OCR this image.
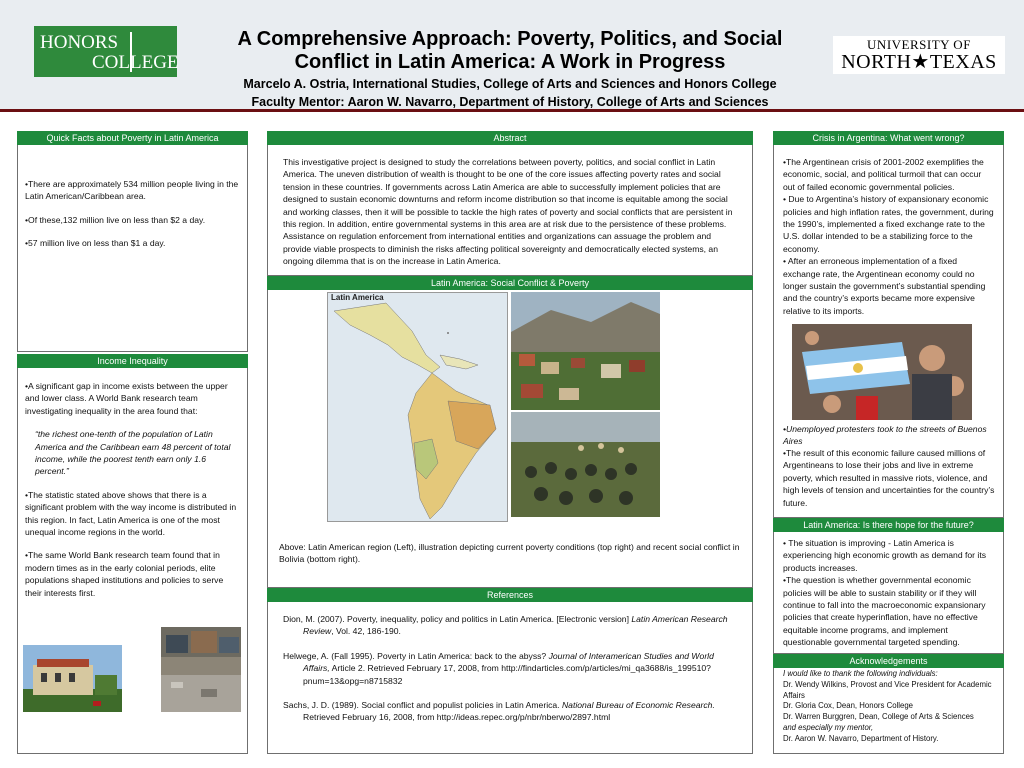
HONORS
COLLEGE
A Comprehensive Approach: Poverty, Politics, and Social
Conflict in Latin America: A Work in Progress
Marcelo A. Ostria, International Studies, College of Arts and Sciences and Honors College
Faculty Mentor: Aaron W. Navarro, Department of History, College of Arts and Sciences
UNIVERSITY OF
NORTH★TEXAS
Quick Facts about Poverty in Latin America

•There are approximately 534 million people living in the Latin American/Caribbean area.

•Of these,132 million live on less than $2 a day.

•57 million live on less than $1 a day.

Income Inequality

•A significant gap in income exists between the upper and lower class. A World Bank research team investigating inequality in the area found that:

“the richest one-tenth of the population of Latin America and the Caribbean earn 48 percent of total income, while the poorest tenth earn only 1.6 percent.”

•The statistic stated above shows that there is a significant problem with the way income is distributed in this region. In fact, Latin America is one of the most unequal income regions in the world.

•The same World Bank research team found that in modern times as in the early colonial periods, elite populations shaped institutions and policies to serve their interests first.

Abstract
This investigative project is designed to study the correlations between poverty, politics, and social conflict in Latin America. The uneven distribution of wealth is thought to be one of the core issues affecting poverty rates and social tension in these countries. If governments across Latin America are able to successfully implement policies that are designed to sustain economic downturns and reform income distribution so that income is equitable among the social and working classes, then it will be possible to tackle the high rates of poverty and social conflicts that are persistent in this region. In addition, entire governmental systems in this area are at risk due to the persistence of these problems. Assistance on regulation enforcement from international entities and organizations can assuage the problem and provide viable prospects to diminish the risks affecting political sovereignty and democratically elected systems, an ongoing dilemma that is on the increase in Latin America.
Latin America: Social Conflict & Poverty
Latin America
Above: Latin American region (Left), illustration depicting current poverty conditions (top right) and recent social conflict in Bolivia (bottom right).
References
Dion, M. (2007). Poverty, inequality, policy and politics in Latin America. [Electronic version] Latin American Research Review, Vol. 42, 186-190.
Helwege, A. (Fall 1995). Poverty in Latin America: back to the abyss? Journal of Interamerican Studies and World Affairs, Article 2. Retrieved February 17, 2008, from http://findarticles.com/p/articles/mi_qa3688/is_199510?pnum=13&opg=n8715832
Sachs, J. D. (1989). Social conflict and populist policies in Latin America. National Bureau of Economic Research. Retrieved February 16, 2008, from http://ideas.repec.org/p/nbr/nberwo/2897.html
Crisis in Argentina: What went wrong?

•The Argentinean crisis of 2001-2002 exemplifies the economic, social, and political turmoil that can occur out of failed economic governmental policies.

• Due to Argentina’s history of expansionary economic policies and high inflation rates, the government, during the 1990’s, implemented a fixed exchange rate to the U.S. dollar intended to be a stabilizing force to the economy.

• After an erroneous implementation of a fixed exchange rate, the Argentinean economy could no longer sustain the government’s substantial spending and the country’s exports became more expensive relative to its imports.

•Unemployed protesters took to the streets of Buenos Aires
•The result of this economic failure caused millions of Argentineans to lose their jobs and live in extreme poverty, which resulted in massive riots, violence, and high levels of tension and uncertainties for the country’s future.
Latin America: Is there hope for the future?

• The situation is improving - Latin America is experiencing high economic growth as demand for its products increases.

•The question is whether governmental economic policies will be able to sustain stability or if they will continue to fall into the macroeconomic expansionary policies that create hyperinflation, have no effective equitable income programs, and implement questionable governmental targeted spending.

Acknowledgements

I would like to thank the following individuals:

Dr. Wendy Wilkins, Provost and Vice President for Academic Affairs

Dr. Gloria Cox, Dean, Honors College

Dr. Warren Burggren, Dean, College of Arts & Sciences

and especially my mentor,

Dr. Aaron W. Navarro, Department of History.
